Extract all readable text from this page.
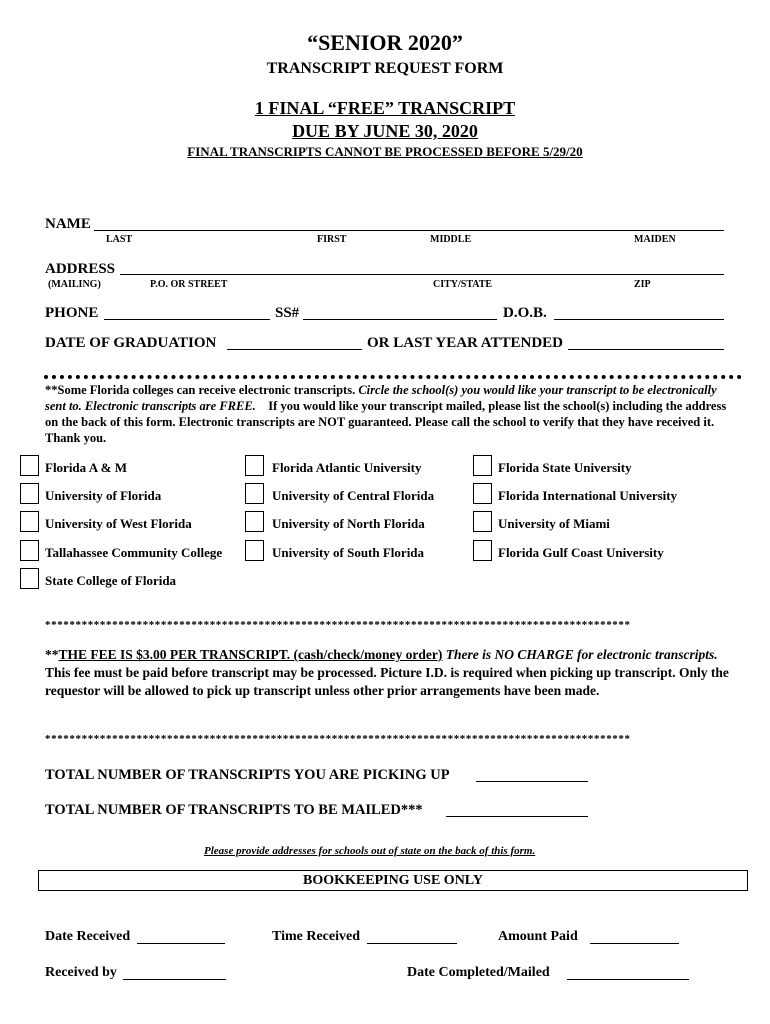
“SENIOR 2020”
TRANSCRIPT REQUEST FORM
1 FINAL “FREE” TRANSCRIPT
DUE BY JUNE 30, 2020
FINAL TRANSCRIPTS CANNOT BE PROCESSED BEFORE 5/29/20
NAME
LAST	FIRST	MIDDLE	MAIDEN
ADDRESS
(MAILING)	P.O. OR STREET	CITY/STATE	ZIP
PHONE	SS#	D.O.B.
DATE OF GRADUATION	OR LAST YEAR ATTENDED
**Some Florida colleges can receive electronic transcripts. Circle the school(s) you would like your transcript to be electronically sent to. Electronic transcripts are FREE. If you would like your transcript mailed, please list the school(s) including the address on the back of this form. Electronic transcripts are NOT guaranteed. Please call the school to verify that they have received it. Thank you.
Florida A & M	Florida Atlantic University	Florida State University
University of Florida	University of Central Florida	Florida International University
University of West Florida	University of North Florida	University of Miami
Tallahassee Community College	University of South Florida	Florida Gulf Coast University
State College of Florida
************************************************************************************************
**THE FEE IS $3.00 PER TRANSCRIPT. (cash/check/money order) There is NO CHARGE for electronic transcripts. This fee must be paid before transcript may be processed. Picture I.D. is required when picking up transcript. Only the requestor will be allowed to pick up transcript unless other prior arrangements have been made.
************************************************************************************************
TOTAL NUMBER OF TRANSCRIPTS YOU ARE PICKING UP
TOTAL NUMBER OF TRANSCRIPTS TO BE MAILED***
Please provide addresses for schools out of state on the back of this form.
BOOKKEEPING USE ONLY
Date Received	Time Received	Amount Paid
Received by	Date Completed/Mailed
